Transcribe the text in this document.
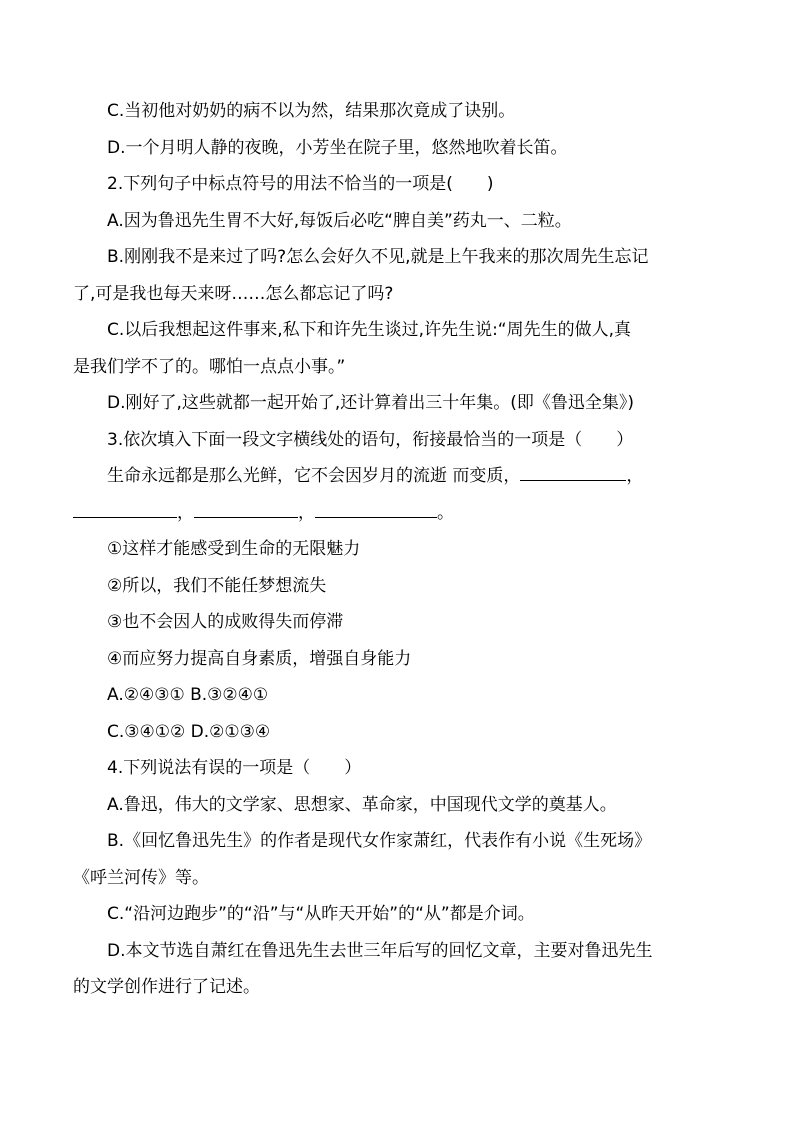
C.当初他对奶奶的病不以为然，结果那次竟成了诀别。
D.一个月明人静的夜晚，小芳坐在院子里，悠然地吹着长笛。
2.下列句子中标点符号的用法不恰当的一项是(　　)
A.因为鲁迅先生胃不大好,每饭后必吃“脾自美”药丸一、二粒。
B.刚刚我不是来过了吗?怎么会好久不见,就是上午我来的那次周先生忘记
了,可是我也每天来呀……怎么都忘记了吗?
C.以后我想起这件事来,私下和许先生谈过,许先生说:“周先生的做人,真
是我们学不了的。哪怕一点点小事。”
D.刚好了,这些就都一起开始了,还计算着出三十年集。(即《鲁迅全集》)
3.依次填入下面一段文字横线处的语句，衔接最恰当的一项是（　　）
生命永远都是那么光鲜，它不会因岁月的流逝 而变质，	，
，	，	。
①这样才能感受到生命的无限魅力
②所以，我们不能任梦想流失
③也不会因人的成败得失而停滞
④而应努力提高自身素质，增强自身能力
A.②④③① B.③②④①
C.③④①② D.②①③④
4.下列说法有误的一项是（　　）
A.鲁迅，伟大的文学家、思想家、革命家，中国现代文学的奠基人。
B.《回忆鲁迅先生》的作者是现代女作家萧红，代表作有小说《生死场》
《呼兰河传》等。
C.“沿河边跑步”的“沿”与“从昨天开始”的“从”都是介词。
D.本文节选自萧红在鲁迅先生去世三年后写的回忆文章，主要对鲁迅先生
的文学创作进行了记述。
